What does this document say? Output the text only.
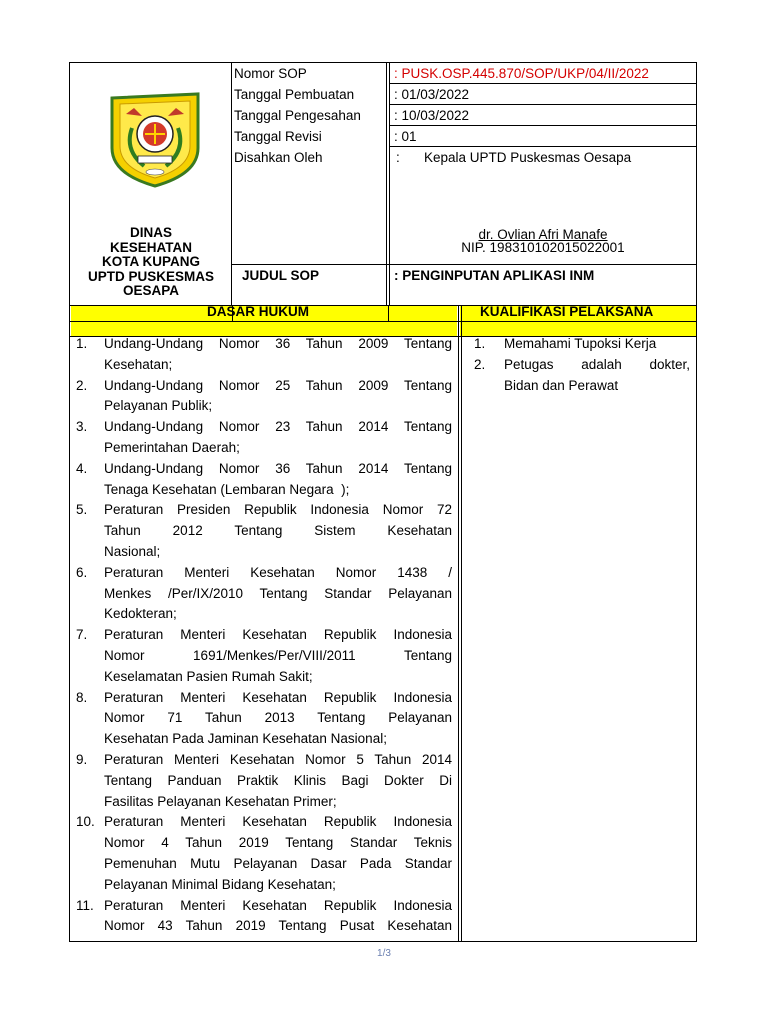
DINAS
KESEHATAN
KOTA KUPANG
UPTD PUSKESMAS
OESAPA
Nomor SOP
Tanggal Pembuatan
Tanggal Pengesahan
Tanggal Revisi
Disahkan Oleh
: PUSK.OSP.445.870/SOP/UKP/04/II/2022
: 01/03/2022
: 10/03/2022
: 01
: Kepala UPTD Puskesmas Oesapa
dr. Ovlian Afri Manafe
NIP. 198310102015022001
JUDUL SOP	: PENGINPUTAN APLIKASI INM
DASAR HUKUM	KUALIFIKASI PELAKSANA
1. Undang-Undang Nomor 36 Tahun 2009 Tentang
Kesehatan;
2. Undang-Undang Nomor 25 Tahun 2009 Tentang
Pelayanan Publik;
3. Undang-Undang Nomor 23 Tahun 2014 Tentang
Pemerintahan Daerah;
4. Undang-Undang Nomor 36 Tahun 2014 Tentang
Tenaga Kesehatan (Lembaran Negara  );
5. Peraturan Presiden Republik Indonesia Nomor 72
Tahun 2012 Tentang Sistem Kesehatan
Nasional;
6. Peraturan Menteri Kesehatan Nomor 1438 /
Menkes /Per/IX/2010 Tentang Standar Pelayanan
Kedokteran;
7. Peraturan Menteri Kesehatan Republik Indonesia
Nomor 1691/Menkes/Per/VIII/2011 Tentang
Keselamatan Pasien Rumah Sakit;
8. Peraturan Menteri Kesehatan Republik Indonesia
Nomor 71 Tahun 2013 Tentang Pelayanan
Kesehatan Pada Jaminan Kesehatan Nasional;
9. Peraturan Menteri Kesehatan Nomor 5 Tahun 2014
Tentang Panduan Praktik Klinis Bagi Dokter Di
Fasilitas Pelayanan Kesehatan Primer;
10. Peraturan Menteri Kesehatan Republik Indonesia
Nomor 4 Tahun 2019 Tentang Standar Teknis
Pemenuhan Mutu Pelayanan Dasar Pada Standar
Pelayanan Minimal Bidang Kesehatan;
11. Peraturan Menteri Kesehatan Republik Indonesia
Nomor 43 Tahun 2019 Tentang Pusat Kesehatan
1. Memahami Tupoksi Kerja
2. Petugas adalah dokter,
Bidan dan Perawat
1/3
